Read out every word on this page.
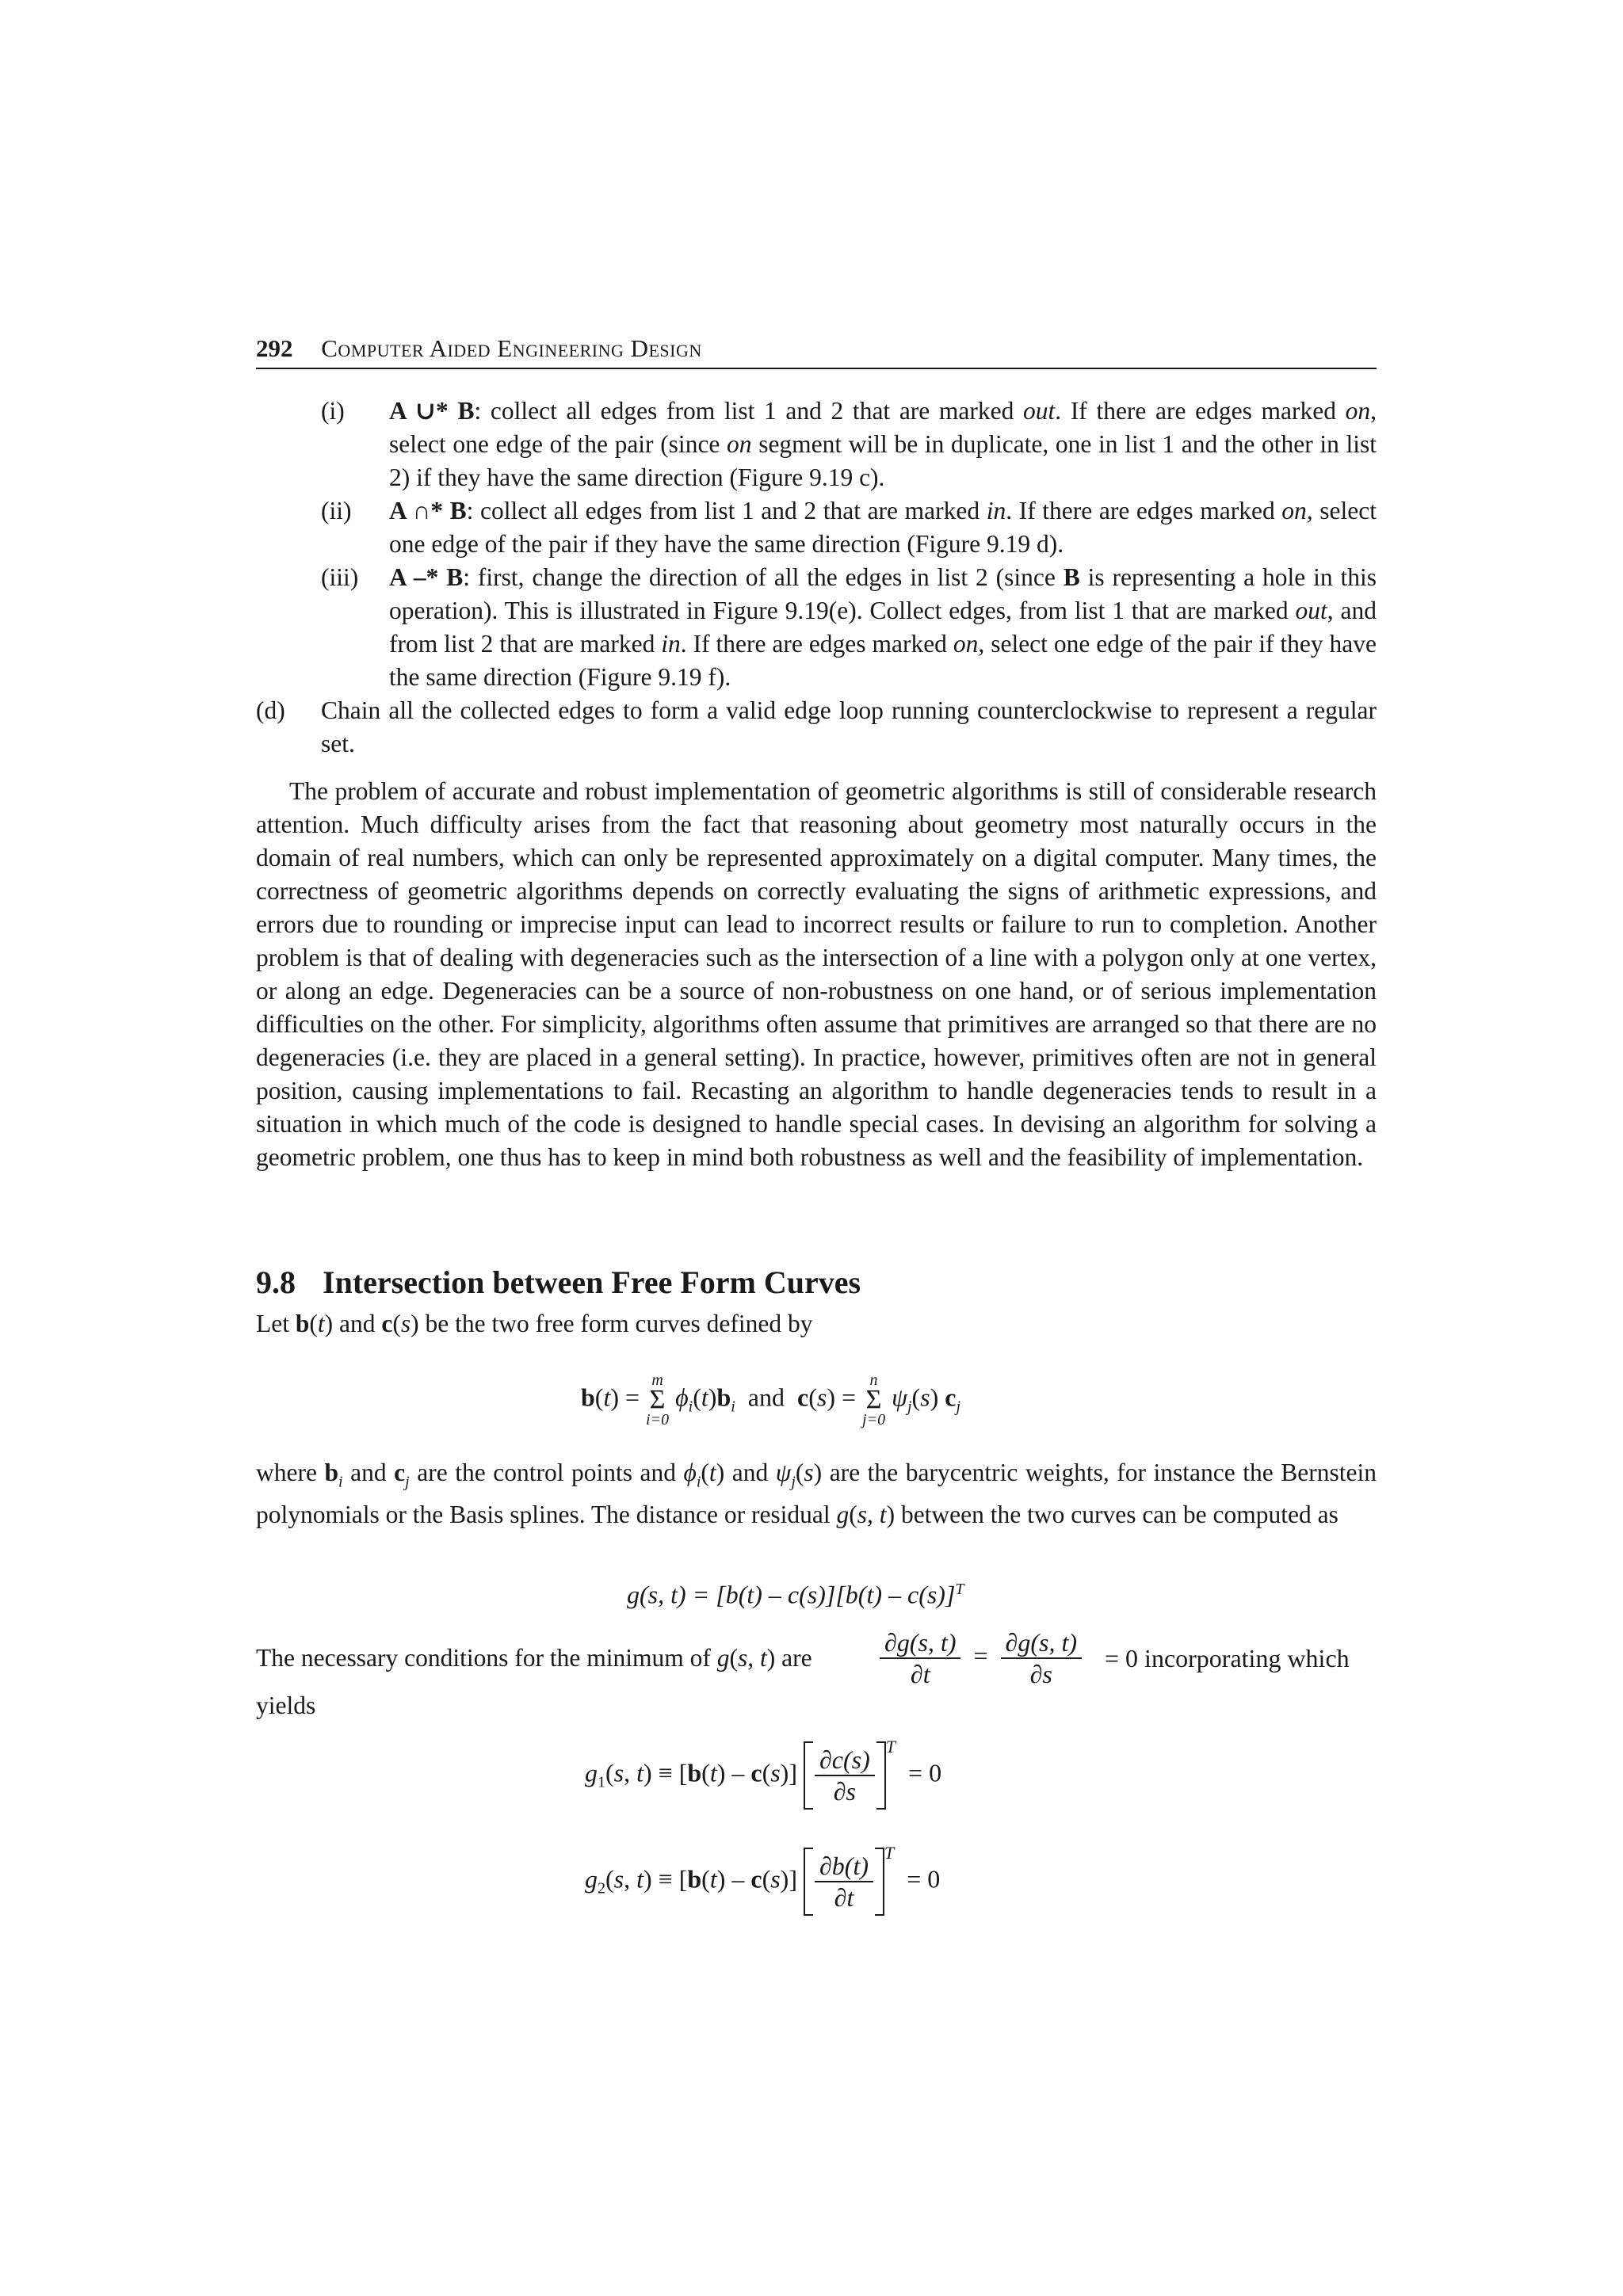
292 Computer Aided Engineering Design
(i) A ∪* B: collect all edges from list 1 and 2 that are marked out. If there are edges marked on, select one edge of the pair (since on segment will be in duplicate, one in list 1 and the other in list 2) if they have the same direction (Figure 9.19 c).
(ii) A ∩* B: collect all edges from list 1 and 2 that are marked in. If there are edges marked on, select one edge of the pair if they have the same direction (Figure 9.19 d).
(iii) A –* B: first, change the direction of all the edges in list 2 (since B is representing a hole in this operation). This is illustrated in Figure 9.19(e). Collect edges, from list 1 that are marked out, and from list 2 that are marked in. If there are edges marked on, select one edge of the pair if they have the same direction (Figure 9.19 f).
(d) Chain all the collected edges to form a valid edge loop running counterclockwise to represent a regular set.
The problem of accurate and robust implementation of geometric algorithms is still of considerable research attention. Much difficulty arises from the fact that reasoning about geometry most naturally occurs in the domain of real numbers, which can only be represented approximately on a digital computer. Many times, the correctness of geometric algorithms depends on correctly evaluating the signs of arithmetic expressions, and errors due to rounding or imprecise input can lead to incorrect results or failure to run to completion. Another problem is that of dealing with degeneracies such as the intersection of a line with a polygon only at one vertex, or along an edge. Degeneracies can be a source of non-robustness on one hand, or of serious implementation difficulties on the other. For simplicity, algorithms often assume that primitives are arranged so that there are no degeneracies (i.e. they are placed in a general setting). In practice, however, primitives often are not in general position, causing implementations to fail. Recasting an algorithm to handle degeneracies tends to result in a situation in which much of the code is designed to handle special cases. In devising an algorithm for solving a geometric problem, one thus has to keep in mind both robustness as well and the feasibility of implementation.
9.8 Intersection between Free Form Curves
Let b(t) and c(s) be the two free form curves defined by
b(t) =
m
Σ
i=0
$\phi_i(t)b_i$ and c(s) =
n
Σ
j=0
$\psi_j(s)$ $c_j$
where $b_i$ and $c_j$ are the control points and $\phi_i(t)$ and $\psi_j(s)$ are the barycentric weights, for instance the Bernstein polynomials or the Basis splines. The distance or residual g(s, t) between the two curves can be computed as
g(s, t) = [b(t) – c(s)][b(t) – c(s)]$^T$
The necessary conditions for the minimum of g(s, t) are	$\frac{\partial g(s, t)}{\partial t} = \frac{\partial g(s, t)}{\partial s} = 0$ incorporating which
yields
$g_1(s$, $t) \equiv [b(t) - c(s)] \frac{\partial c(s)}{\partial s}$ T  = 0
$g_2(s$, $t) \equiv [b(t) - c(s)] \frac{\partial b(t)}{\partial t}$ T  = 0
